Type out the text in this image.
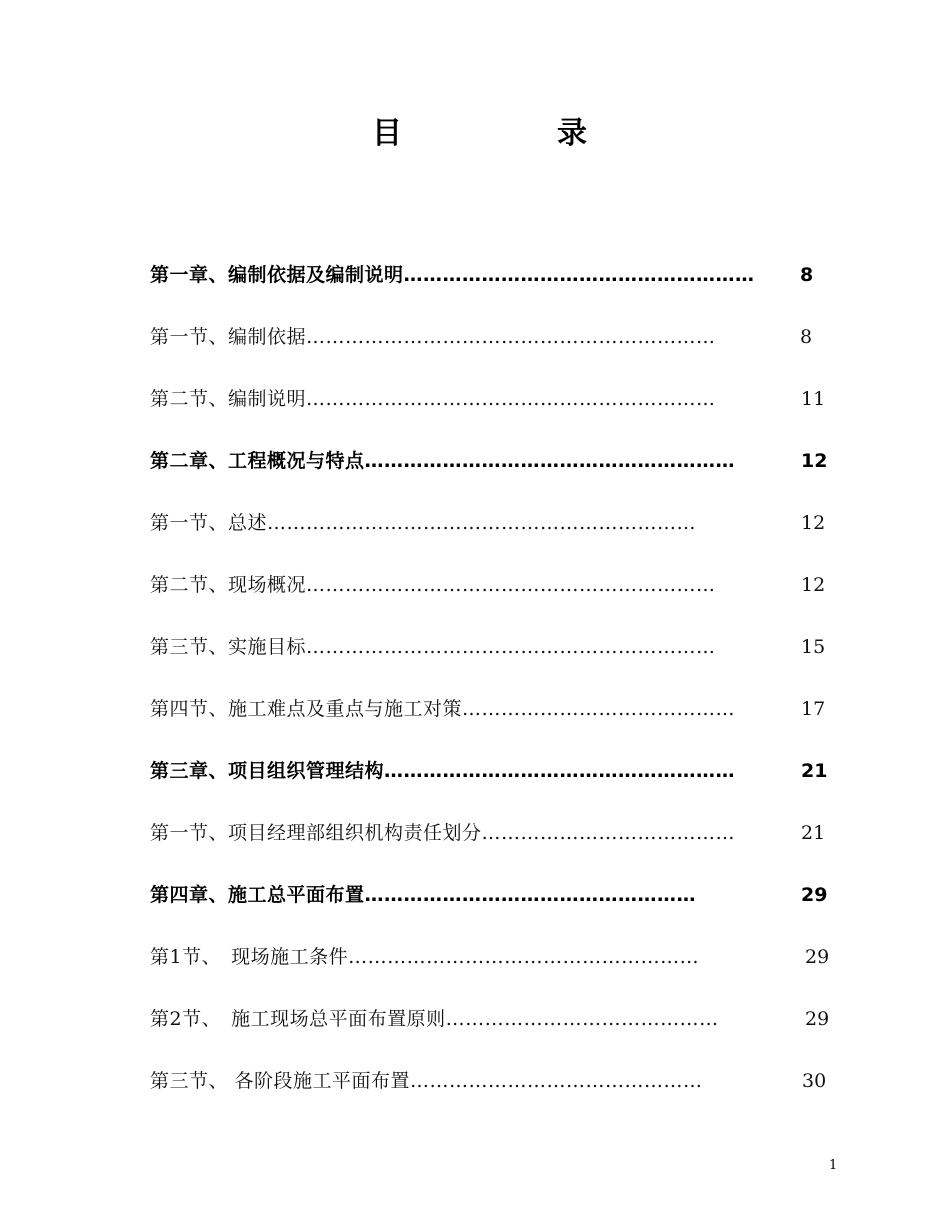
目	录
第一章、编制依据及编制说明……………………………………………… 8
第一节、编制依据………………………………………………………	8
第二节、编制说明………………………………………………………	11
第二章、工程概况与特点…………………………………………………	12
第一节、总述…………………………………………………………	12
第二节、现场概况………………………………………………………	12
第三节、实施目标………………………………………………………	15
第四节、施工难点及重点与施工对策……………………………………	17
第三章、项目组织管理结构………………………………………………	21
第一节、项目经理部组织机构责任划分…………………………………	21
第四章、施工总平面布置……………………………………………	29
第1节、　现场施工条件………………………………………………	29
第2节、　施工现场总平面布置原则……………………………………	29
第三节、 各阶段施工平面布置………………………………………	30
1
